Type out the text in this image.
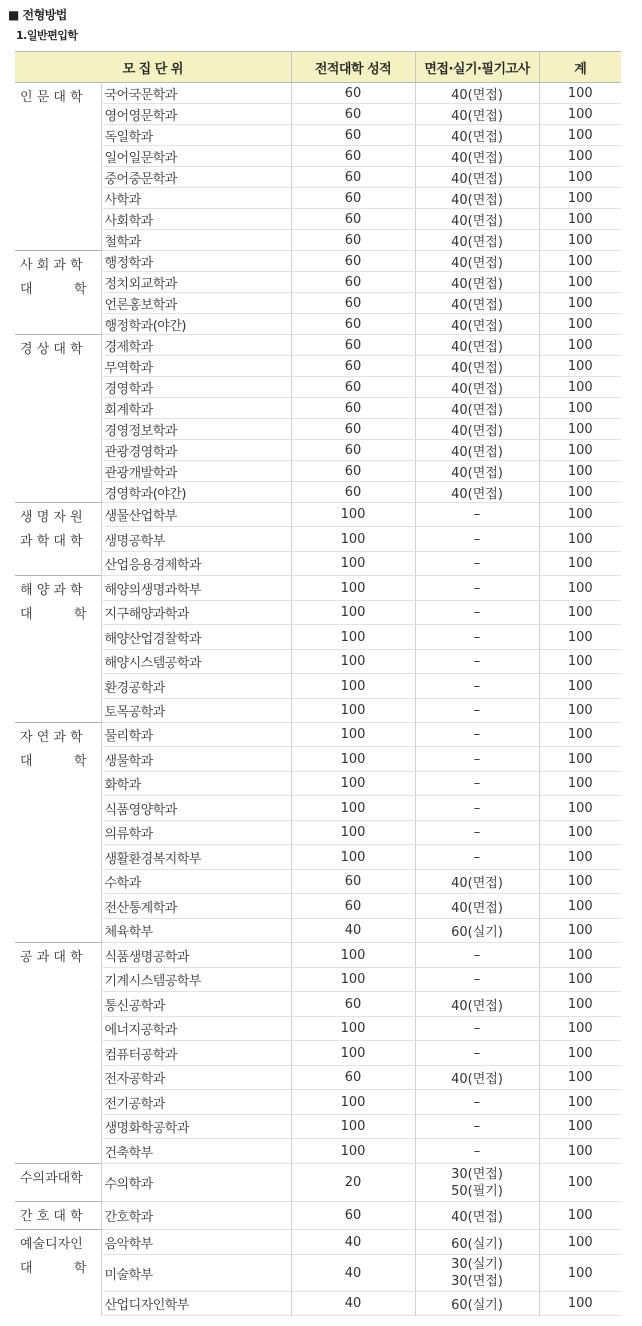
■ 전형방법
1.일반편입학
모 집 단 위		전적대학 성적	면접·실기·필기고사	계

인 문 대 학	국어국문학과	60	40(면접)	100
	영어영문학과	60	40(면접)	100
	독일학과	60	40(면접)	100
	일어일문학과	60	40(면접)	100
	중어중문학과	60	40(면접)	100
	사학과	60	40(면접)	100
	사회학과	60	40(면접)	100
	철학과	60	40(면접)	100

사 회 과 학
대          학	행정학과	60	40(면접)	100
	정치외교학과	60	40(면접)	100
	언론홍보학과	60	40(면접)	100
	행정학과(야간)	60	40(면접)	100

경 상 대 학	경제학과	60	40(면접)	100
	무역학과	60	40(면접)	100
	경영학과	60	40(면접)	100
	회계학과	60	40(면접)	100
	경영정보학과	60	40(면접)	100
	관광경영학과	60	40(면접)	100
	관광개발학과	60	40(면접)	100
	경영학과(야간)	60	40(면접)	100

생 명 자 원
과 학 대 학	생물산업학부	100	–	100
	생명공학부	100	–	100
	산업응용경제학과	100	–	100

해 양 과 학
대          학	해양의생명과학부	100	–	100
	지구해양과학과	100	–	100
	해양산업경찰학과	100	–	100
	해양시스템공학과	100	–	100
	환경공학과	100	–	100
	토목공학과	100	–	100

자 연 과 학
대          학	물리학과	100	–	100
	생물학과	100	–	100
	화학과	100	–	100
	식품영양학과	100	–	100
	의류학과	100	–	100
	생활환경복지학부	100	–	100
	수학과	60	40(면접)	100
	전산통계학과	60	40(면접)	100
	체육학부	40	60(실기)	100

공 과 대 학	식품생명공학과	100	–	100
	기계시스템공학부	100	–	100
	통신공학과	60	40(면접)	100
	에너지공학과	100	–	100
	컴퓨터공학과	100	–	100
	전자공학과	60	40(면접)	100
	전기공학과	100	–	100
	생명화학공학과	100	–	100
	건축학부	100	–	100

수의과대학	수의학과	20	30(면접)
50(필기)	100

간 호 대 학	간호학과	60	40(면접)	100

예술디자인
대          학	음악학부	40	60(실기)	100
	미술학부	40	30(실기)
30(면접)	100
	산업디자인학부	40	60(실기)	100
